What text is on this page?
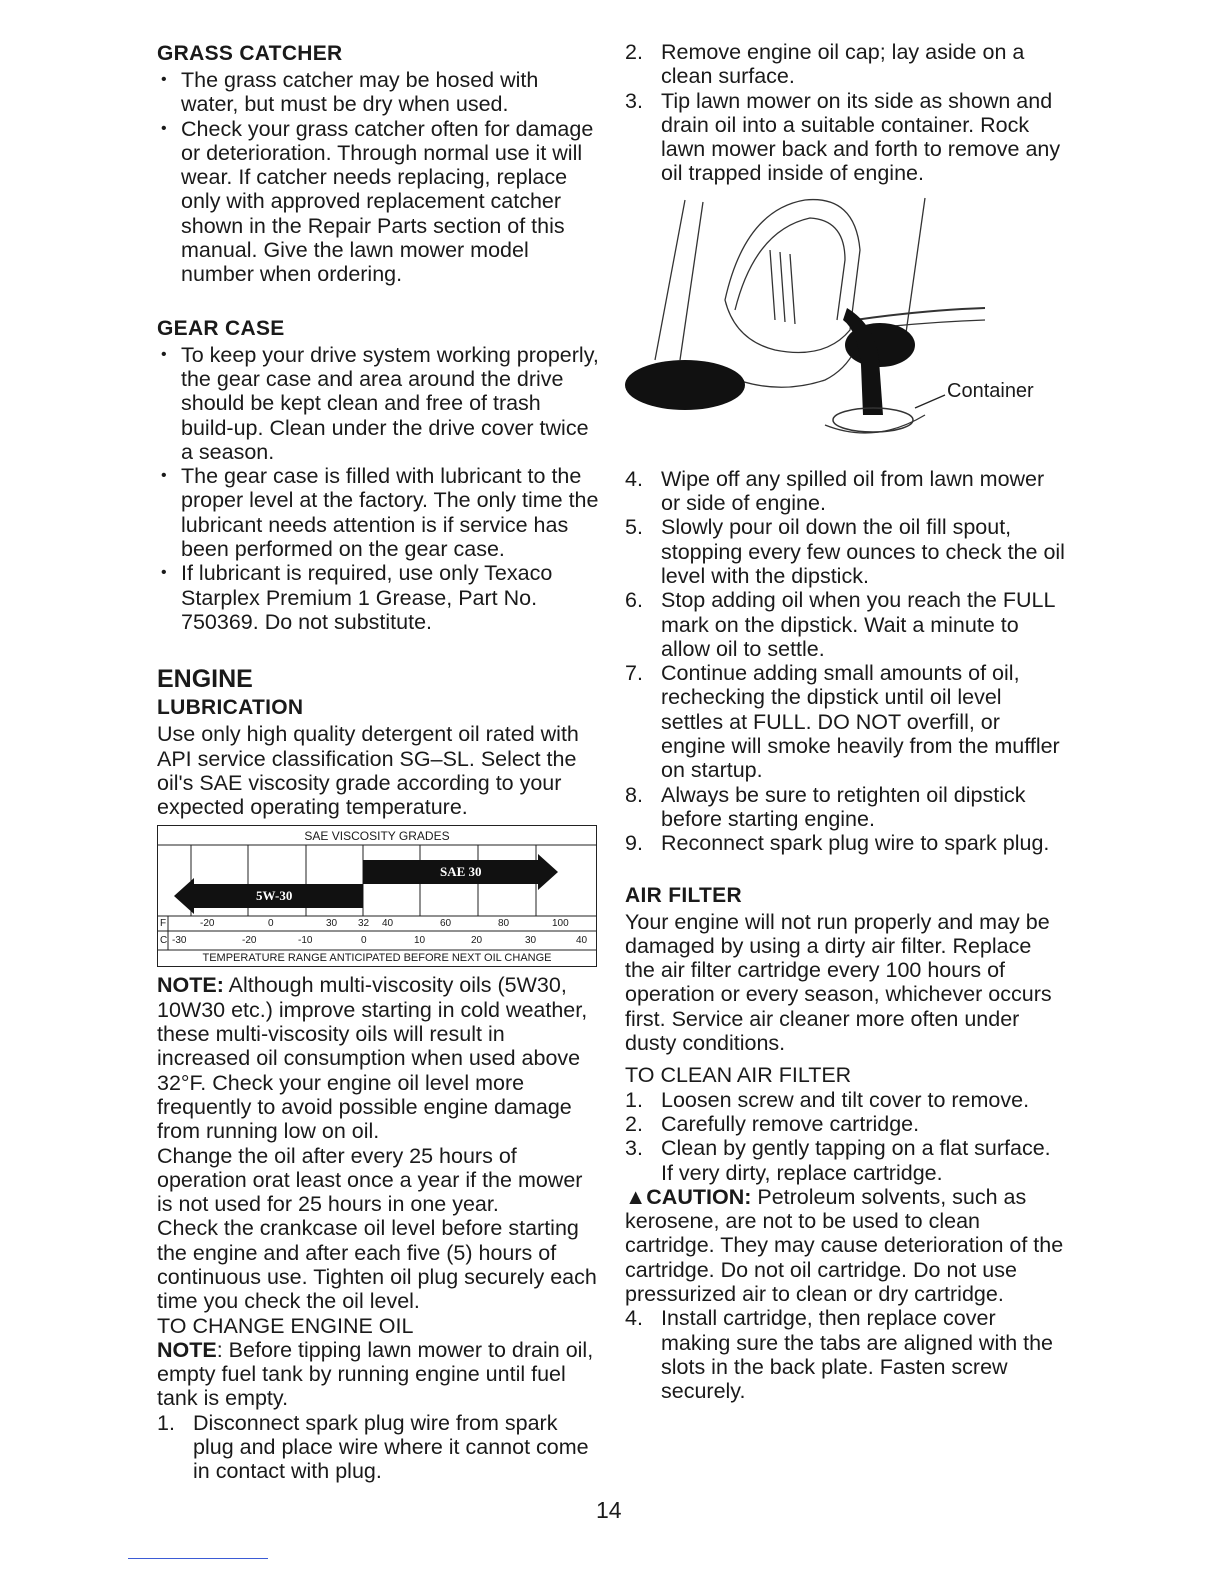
GRASS CATCHER
• The grass catcher may be hosed with water, but must be dry when used.
• Check your grass catcher often for damage or deterioration. Through normal use it will wear. If catcher needs replacing, replace only with approved replacement catcher shown in the Repair Parts section of this manual. Give the lawn mower model number when ordering.
GEAR CASE
• To keep your drive system working properly, the gear case and area around the drive should be kept clean and free of trash build-up. Clean under the drive cover twice a season.
• The gear case is filled with lubricant to the proper level at the factory. The only time the lubricant needs attention is if service has been performed on the gear case.
• If lubricant is required, use only Texaco Starplex Premium 1 Grease, Part No. 750369. Do not substitute.
ENGINE
LUBRICATION

Use only high quality detergent oil rated with API service classification SG–SL. Select the oil's SAE viscosity grade according to your expected operating temperature.

SAE VISCOSITY GRADES
SAE 30
5W-30
F	-20	0	30 32 40	60	80	100
C -30	-20	-10	0	10	20	30	40
TEMPERATURE RANGE ANTICIPATED BEFORE NEXT OIL CHANGE

NOTE: Although multi-viscosity oils (5W30, 10W30 etc.) improve starting in cold weather, these multi-viscosity oils will result in increased oil consumption when used above 32°F. Check your engine oil level more frequently to avoid possible engine damage from running low on oil.

Change the oil after every 25 hours of operation orat least once a year if the mower is not used for 25 hours in one year.

Check the crankcase oil level before starting the engine and after each five (5) hours of continuous use. Tighten oil plug securely each time you check the oil level.

TO CHANGE ENGINE OIL

NOTE: Before tipping lawn mower to drain oil, empty fuel tank by running engine until fuel tank is empty.

1. Disconnect spark plug wire from spark plug and place wire where it cannot come in contact with plug.
2. Remove engine oil cap; lay aside on a clean surface.
3. Tip lawn mower on its side as shown and drain oil into a suitable container. Rock lawn mower back and forth to remove any oil trapped inside of engine.
Container
4. Wipe off any spilled oil from lawn mower or side of engine.
5. Slowly pour oil down the oil fill spout, stopping every few ounces to check the oil level with the dipstick.
6. Stop adding oil when you reach the FULL mark on the dipstick. Wait a minute to allow oil to settle.
7. Continue adding small amounts of oil, rechecking the dipstick until oil level settles at FULL. DO NOT overfill, or engine will smoke heavily from the muffler on startup.
8. Always be sure to retighten oil dipstick before starting engine.
9. Reconnect spark plug wire to spark plug.
AIR FILTER

Your engine will not run properly and may be damaged by using a dirty air filter. Replace the air filter cartridge every 100 hours of operation or every season, whichever occurs first. Service air cleaner more often under dusty conditions.

TO CLEAN AIR FILTER

1. Loosen screw and tilt cover to remove.
2. Carefully remove cartridge.
3. Clean by gently tapping on a flat surface. If very dirty, replace cartridge.

▲CAUTION: Petroleum solvents, such as kerosene, are not to be used to clean cartridge. They may cause deterioration of the cartridge. Do not oil cartridge. Do not use pressurized air to clean or dry cartridge.

4. Install cartridge, then replace cover making sure the tabs are aligned with the slots in the back plate. Fasten screw securely.
14
